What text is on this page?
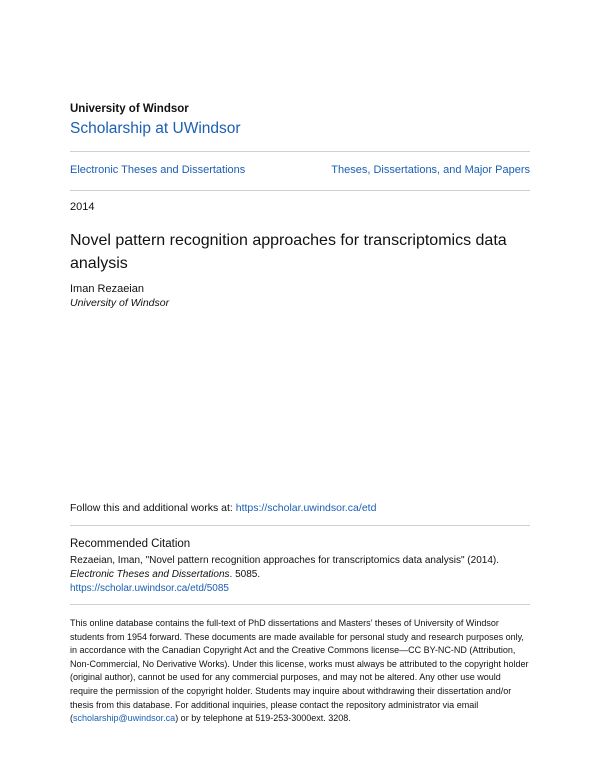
University of Windsor
Scholarship at UWindsor
Electronic Theses and Dissertations	Theses, Dissertations, and Major Papers
2014
Novel pattern recognition approaches for transcriptomics data analysis
Iman Rezaeian
University of Windsor
Follow this and additional works at: https://scholar.uwindsor.ca/etd
Recommended Citation
Rezaeian, Iman, "Novel pattern recognition approaches for transcriptomics data analysis" (2014).
Electronic Theses and Dissertations. 5085.
https://scholar.uwindsor.ca/etd/5085

This online database contains the full-text of PhD dissertations and Masters’ theses of University of Windsor

students from 1954 forward. These documents are made available for personal study and research purposes only,

in accordance with the Canadian Copyright Act and the Creative Commons license—CC BY-NC-ND (Attribution,

Non-Commercial, No Derivative Works). Under this license, works must always be attributed to the copyright holder

(original author), cannot be used for any commercial purposes, and may not be altered. Any other use would

require the permission of the copyright holder. Students may inquire about withdrawing their dissertation and/or

thesis from this database. For additional inquiries, please contact the repository administrator via email

(scholarship@uwindsor.ca) or by telephone at 519-253-3000ext. 3208.
